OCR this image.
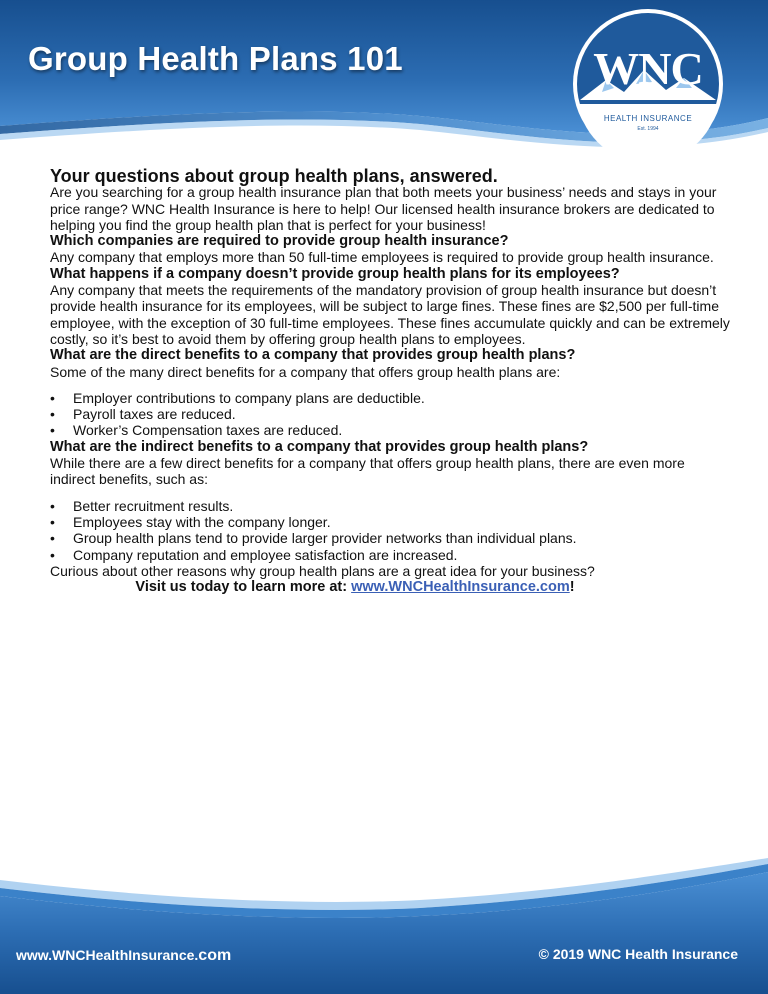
Group Health Plans 101	WNC
HEALTH INSURANCE
Est. 1994

Your questions about group health plans, answered.

Are you searching for a group health insurance plan that both meets your business’ needs and stays in your price range? WNC Health Insurance is here to help! Our licensed health insurance brokers are dedicated to helping you find the group health plan that is perfect for your business!

Which companies are required to provide group health insurance?

Any company that employs more than 50 full-time employees is required to provide group health insurance.

What happens if a company doesn’t provide group health plans for its employees?

Any company that meets the requirements of the mandatory provision of group health insurance but doesn’t provide health insurance for its employees, will be subject to large fines. These fines are $2,500 per full-time employee, with the exception of 30 full-time employees. These fines accumulate quickly and can be extremely costly, so it’s best to avoid them by offering group health plans to employees.

What are the direct benefits to a company that provides group health plans?

Some of the many direct benefits for a company that offers group health plans are:

• Employer contributions to company plans are deductible.
• Payroll taxes are reduced.
• Worker’s Compensation taxes are reduced.

What are the indirect benefits to a company that provides group health plans?

While there are a few direct benefits for a company that offers group health plans, there are even more indirect benefits, such as:

• Better recruitment results.
• Employees stay with the company longer.
• Group health plans tend to provide larger provider networks than individual plans.
• Company reputation and employee satisfaction are increased.

Curious about other reasons why group health plans are a great idea for your business?

Visit us today to learn more at: www.WNCHealthInsurance.com!

www.WNCHealthInsurance.com	© 2019 WNC Health Insurance
